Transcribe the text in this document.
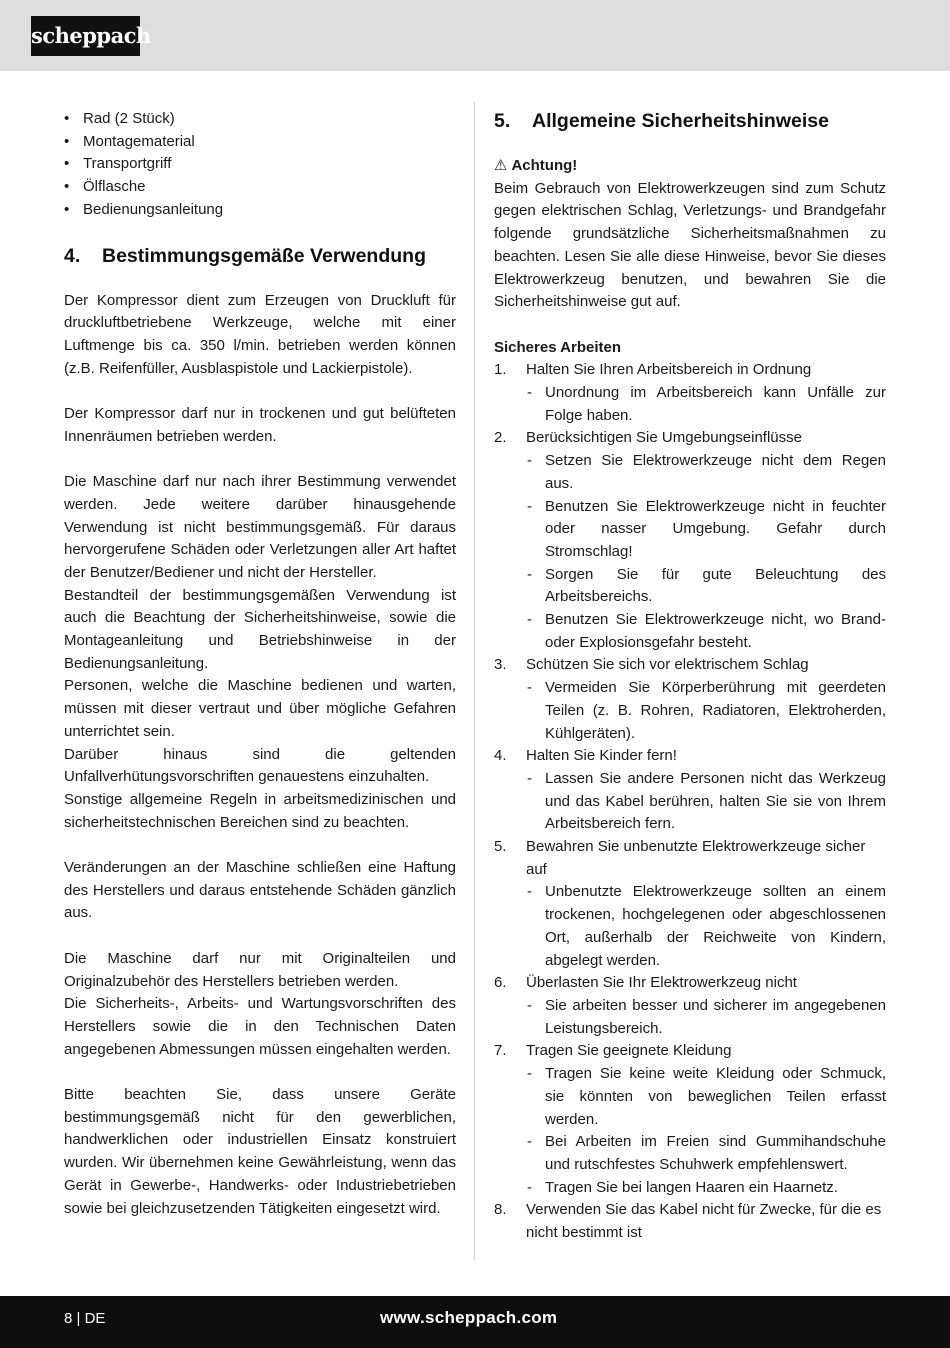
scheppach
• Rad (2 Stück)
• Montagematerial
• Transportgriff
• Ölflasche
• Bedienungsanleitung
4.	Bestimmungsgemäße Verwendung

Der Kompressor dient zum Erzeugen von Druckluft für druckluftbetriebene Werkzeuge, welche mit einer Luftmenge bis ca. 350 l/min. betrieben werden können (z.B. Reifenfüller, Ausblaspistole und Lackierpistole).

Der Kompressor darf nur in trockenen und gut belüfteten Innenräumen betrieben werden.

Die Maschine darf nur nach ihrer Bestimmung verwendet werden. Jede weitere darüber hinausgehende Verwendung ist nicht bestimmungsgemäß. Für daraus hervorgerufene Schäden oder Verletzungen aller Art haftet der Benutzer/Bediener und nicht der Hersteller.

Bestandteil der bestimmungsgemäßen Verwendung ist auch die Beachtung der Sicherheitshinweise, sowie die Montageanleitung und Betriebshinweise in der Bedienungsanleitung.

Personen, welche die Maschine bedienen und warten, müssen mit dieser vertraut und über mögliche Gefahren unterrichtet sein.

Darüber hinaus sind die geltenden Unfallverhütungsvorschriften genauestens einzuhalten.

Sonstige allgemeine Regeln in arbeitsmedizinischen und sicherheitstechnischen Bereichen sind zu beachten.

Veränderungen an der Maschine schließen eine Haftung des Herstellers und daraus entstehende Schäden gänzlich aus.

Die Maschine darf nur mit Originalteilen und Originalzubehör des Herstellers betrieben werden.

Die Sicherheits-, Arbeits- und Wartungsvorschriften des Herstellers sowie die in den Technischen Daten angegebenen Abmessungen müssen eingehalten werden.

Bitte beachten Sie, dass unsere Geräte bestimmungsgemäß nicht für den gewerblichen, handwerklichen oder industriellen Einsatz konstruiert wurden. Wir übernehmen keine Gewährleistung, wenn das Gerät in Gewerbe-, Handwerks- oder Industriebetrieben sowie bei gleichzusetzenden Tätigkeiten eingesetzt wird.

5.	Allgemeine Sicherheitshinweise
⚠ Achtung!

Beim Gebrauch von Elektrowerkzeugen sind zum Schutz gegen elektrischen Schlag, Verletzungs- und Brandgefahr folgende grundsätzliche Sicherheitsmaßnahmen zu beachten. Lesen Sie alle diese Hinweise, bevor Sie dieses Elektrowerkzeug benutzen, und bewahren Sie die Sicherheitshinweise gut auf.

Sicheres Arbeiten
1. Halten Sie Ihren Arbeitsbereich in Ordnung
- Unordnung im Arbeitsbereich kann Unfälle zur Folge haben.
2. Berücksichtigen Sie Umgebungseinflüsse
- Setzen Sie Elektrowerkzeuge nicht dem Regen aus.
- Benutzen Sie Elektrowerkzeuge nicht in feuchter oder nasser Umgebung. Gefahr durch Stromschlag!
- Sorgen Sie für gute Beleuchtung des Arbeitsbereichs.
- Benutzen Sie Elektrowerkzeuge nicht, wo Brand- oder Explosionsgefahr besteht.
3. Schützen Sie sich vor elektrischem Schlag
- Vermeiden Sie Körperberührung mit geerdeten Teilen (z. B. Rohren, Radiatoren, Elektroherden, Kühlgeräten).
4. Halten Sie Kinder fern!
- Lassen Sie andere Personen nicht das Werkzeug und das Kabel berühren, halten Sie sie von Ihrem Arbeitsbereich fern.
5. Bewahren Sie unbenutzte Elektrowerkzeuge sicher auf
- Unbenutzte Elektrowerkzeuge sollten an einem trockenen, hochgelegenen oder abgeschlossenen Ort, außerhalb der Reichweite von Kindern, abgelegt werden.
6. Überlasten Sie Ihr Elektrowerkzeug nicht
- Sie arbeiten besser und sicherer im angegebenen Leistungsbereich.
7. Tragen Sie geeignete Kleidung
- Tragen Sie keine weite Kleidung oder Schmuck, sie könnten von beweglichen Teilen erfasst werden.
- Bei Arbeiten im Freien sind Gummihandschuhe und rutschfestes Schuhwerk empfehlenswert.
- Tragen Sie bei langen Haaren ein Haarnetz.
8. Verwenden Sie das Kabel nicht für Zwecke, für die es nicht bestimmt ist
8 | DE	www.scheppach.com
